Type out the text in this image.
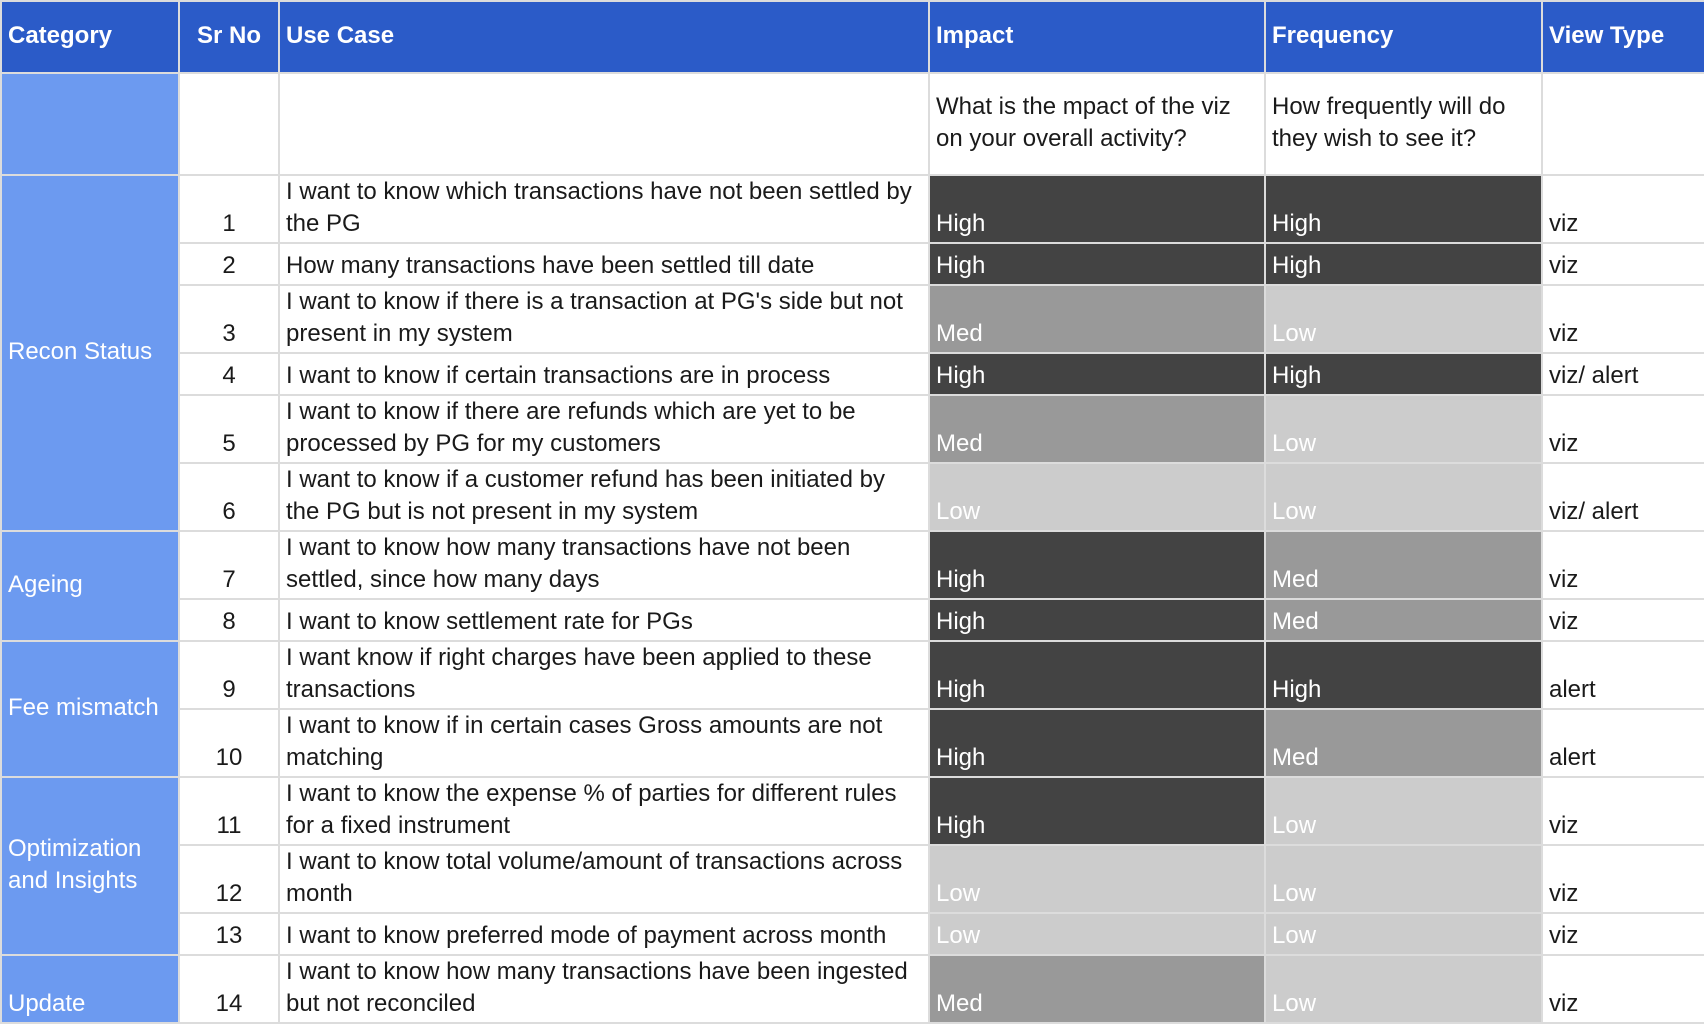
Category	Sr No	Use Case	Impact	Frequency	View Type
			What is the mpact of the viz on your overall activity?	How frequently will do they wish to see it?	
Recon Status	1	I want to know which transactions have not been settled by the PG	High	High	viz
	2	How many transactions have been settled till date	High	High	viz
	3	I want to know if there is a transaction at PG's side but not present in my system	Med	Low	viz
	4	I want to know if certain transactions are in process	High	High	viz/ alert
	5	I want to know if there are refunds which are yet to be processed by PG for my customers	Med	Low	viz
	6	I want to know if a customer refund has been initiated by the PG but is not present in my system	Low	Low	viz/ alert
Ageing	7	I want to know how many transactions have not been settled, since how many days	High	Med	viz
	8	I want to know settlement rate for PGs	High	Med	viz
Fee mismatch	9	I want know if right charges have been applied to these transactions	High	High	alert
	10	I want to know if in certain cases Gross amounts are not matching	High	Med	alert
Optimization and Insights	11	I want to know the expense % of parties for different rules for a fixed instrument	High	Low	viz
	12	I want to know total volume/amount of transactions across month	Low	Low	viz
	13	I want to know preferred mode of payment across month	Low	Low	viz
Update	14	I want to know how many transactions have been ingested but not reconciled	Med	Low	viz
